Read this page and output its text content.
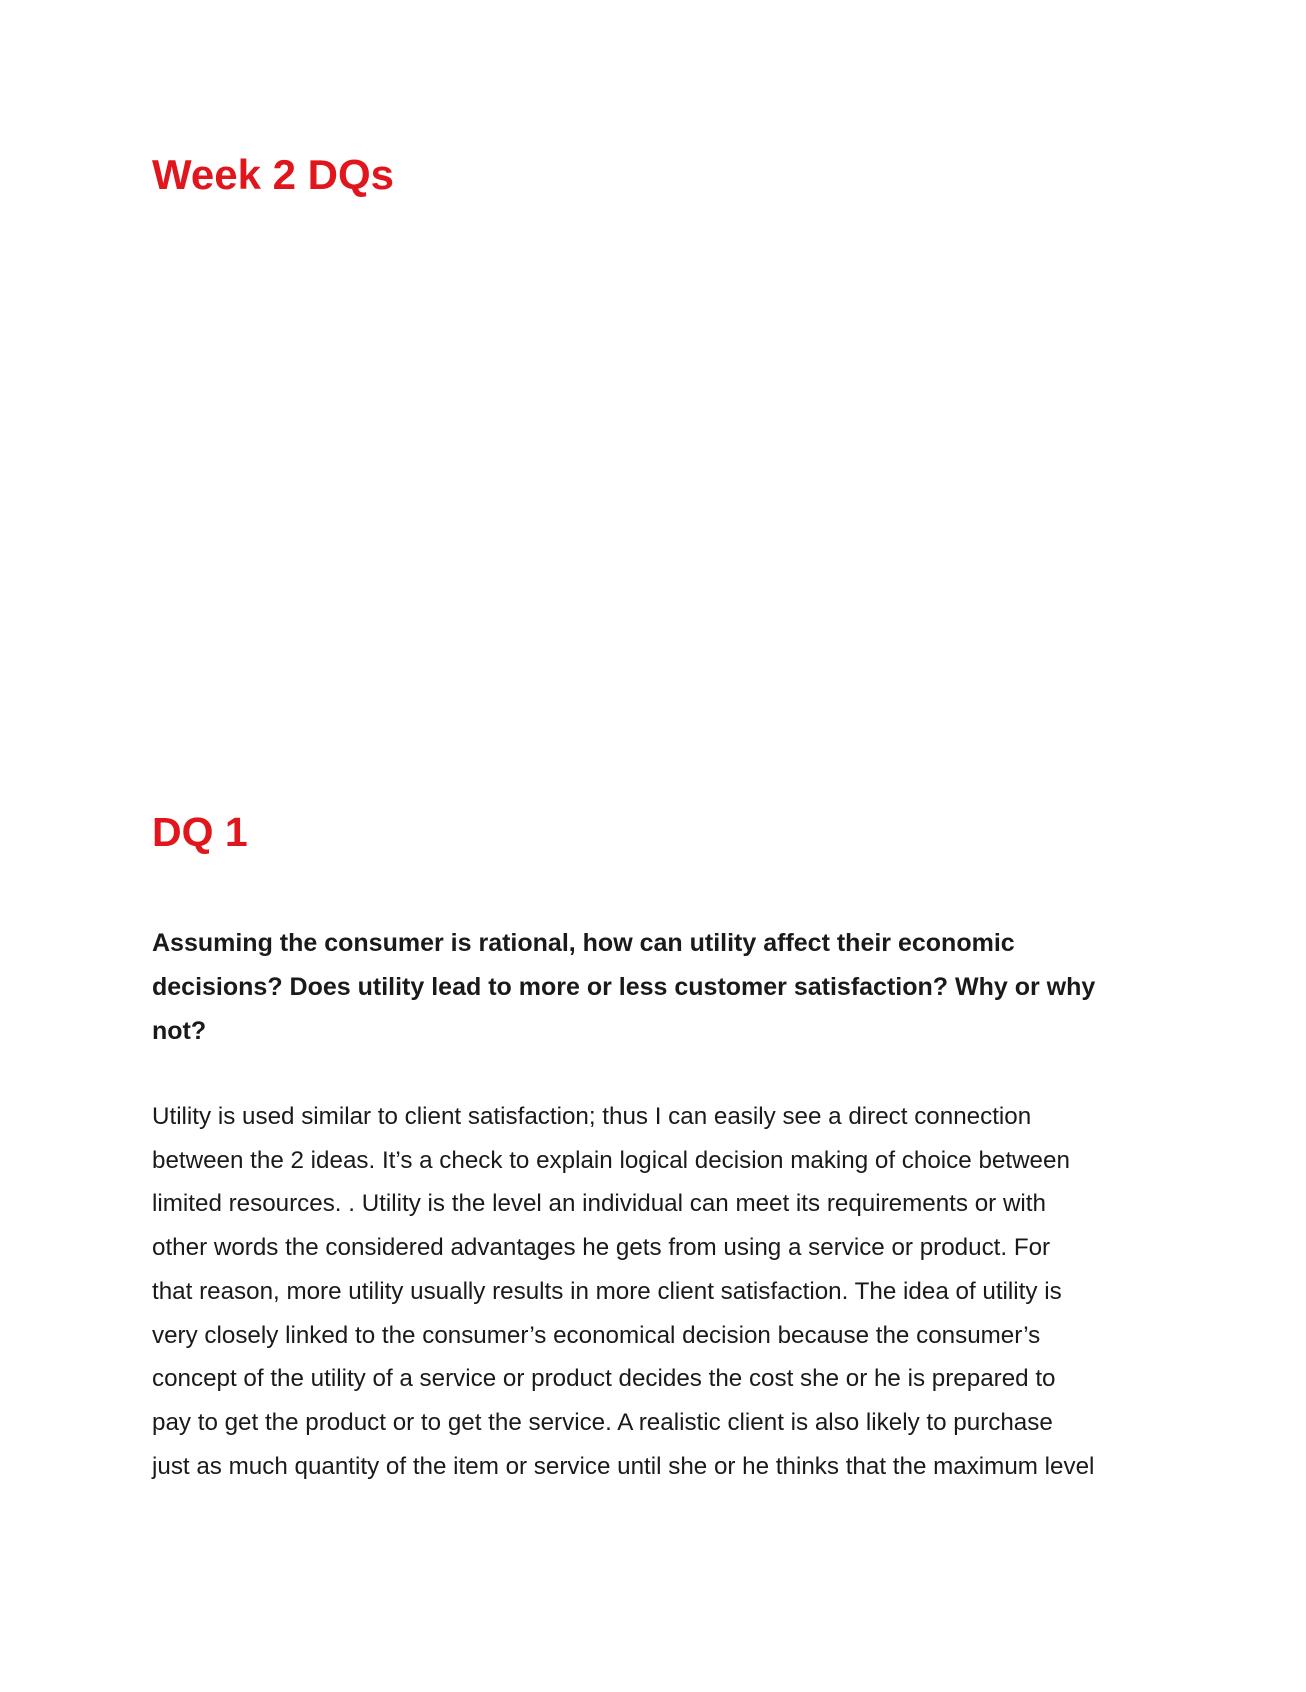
Week 2 DQs
DQ 1

Assuming the consumer is rational, how can utility affect their economic
decisions? Does utility lead to more or less customer satisfaction? Why or why
not?

Utility is used similar to client satisfaction; thus I can easily see a direct connection
between the 2 ideas. It’s a check to explain logical decision making of choice between
limited resources. . Utility is the level an individual can meet its requirements or with
other words the considered advantages he gets from using a service or product. For
that reason, more utility usually results in more client satisfaction. The idea of utility is
very closely linked to the consumer’s economical decision because the consumer’s
concept of the utility of a service or product decides the cost she or he is prepared to
pay to get the product or to get the service. A realistic client is also likely to purchase
just as much quantity of the item or service until she or he thinks that the maximum level
